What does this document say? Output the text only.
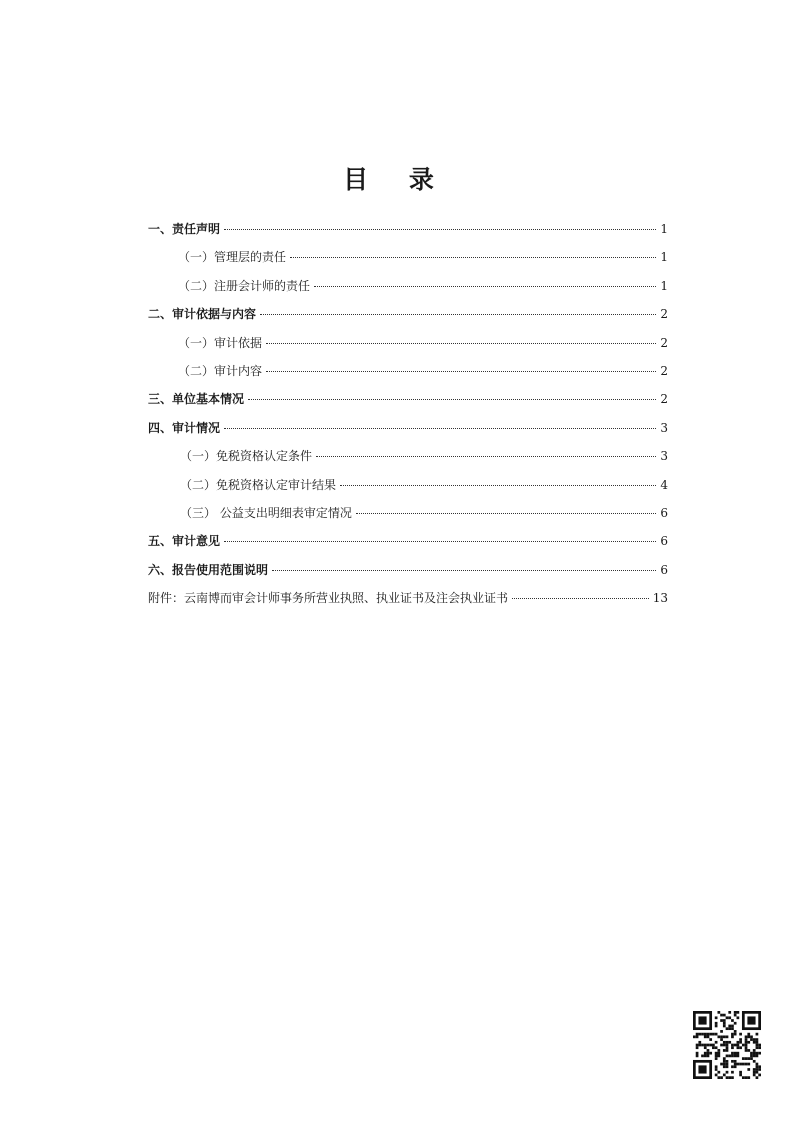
目 录
一、责任声明	1
（一）管理层的责任	1
（二）注册会计师的责任	1
二、审计依据与内容	2
（一）审计依据	2
（二）审计内容	2
三、单位基本情况	2
四、审计情况	3
（一）免税资格认定条件	3
（二）免税资格认定审计结果	4
（三） 公益支出明细表审定情况	6
五、审计意见	6
六、报告使用范围说明	6
附件：云南博而审会计师事务所营业执照、执业证书及注会执业证书	13
